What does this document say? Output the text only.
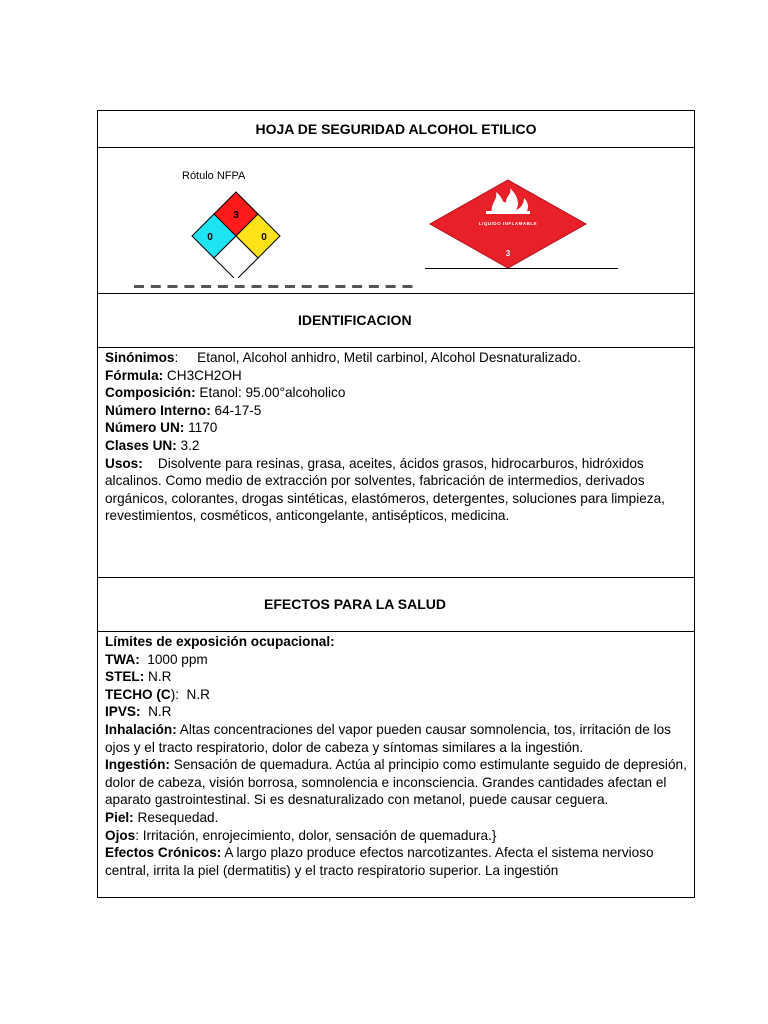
HOJA DE SEGURIDAD ALCOHOL ETILICO
Rótulo NFPA
3
0	0
LIQUIDO INFLAMABLE
3
▬ ▬ ▬ ▬ ▬ ▬ ▬ ▬ ▬ ▬ ▬ ▬ ▬ ▬ ▬ ▬ ▬
IDENTIFICACION

Sinónimos:     Etanol, Alcohol anhidro, Metil carbinol, Alcohol Desnaturalizado.

Fórmula: CH3CH2OH

Composición: Etanol: 95.00°alcoholico

Número Interno: 64-17-5

Número UN: 1170

Clases UN: 3.2

Usos:    Disolvente para resinas, grasa, aceites, ácidos grasos, hidrocarburos, hidróxidos alcalinos. Como medio de extracción por solventes, fabricación de intermedios, derivados orgánicos, colorantes, drogas sintéticas, elastómeros, detergentes, soluciones para limpieza, revestimientos, cosméticos, anticongelante, antisépticos, medicina.

EFECTOS PARA LA SALUD

Límites de exposición ocupacional:

TWA:  1000 ppm

STEL: N.R

TECHO (C):  N.R

IPVS:  N.R

Inhalación: Altas concentraciones del vapor pueden causar somnolencia, tos, irritación de los ojos y el tracto respiratorio, dolor de cabeza y síntomas similares a la ingestión.

Ingestión: Sensación de quemadura. Actúa al principio como estimulante seguido de depresión, dolor de cabeza, visión borrosa, somnolencia e inconsciencia. Grandes cantidades afectan el aparato gastrointestinal. Si es desnaturalizado con metanol, puede causar ceguera.

Piel: Resequedad.

Ojos: Irritación, enrojecimiento, dolor, sensación de quemadura.}

Efectos Crónicos: A largo plazo produce efectos narcotizantes. Afecta el sistema nervioso central, irrita la piel (dermatitis) y el tracto respiratorio superior. La ingestión
